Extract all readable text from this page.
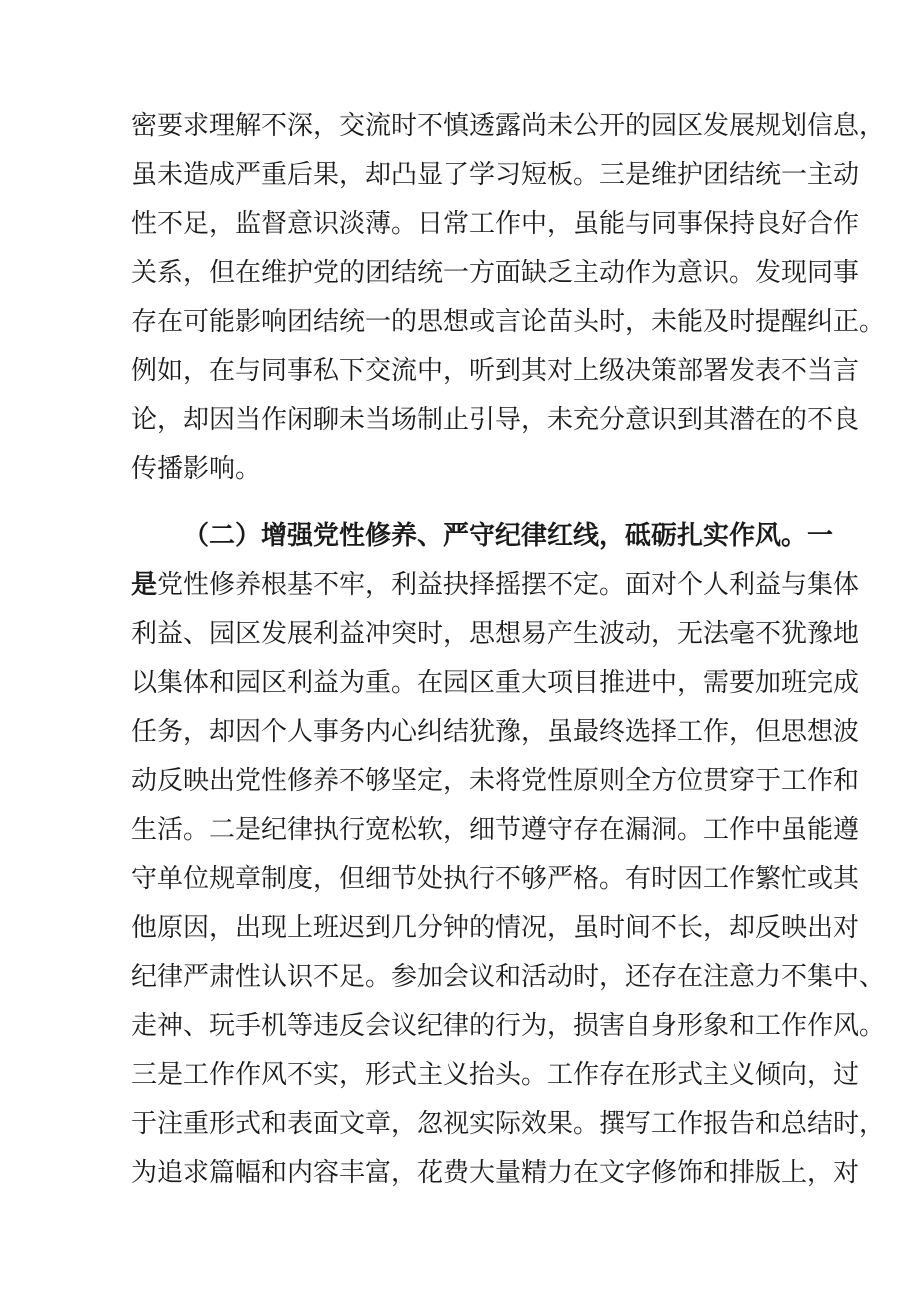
密要求理解不深，交流时不慎透露尚未公开的园区发展规划信息，
虽未造成严重后果，却凸显了学习短板。三是维护团结统一主动
性不足，监督意识淡薄。日常工作中，虽能与同事保持良好合作
关系，但在维护党的团结统一方面缺乏主动作为意识。发现同事
存在可能影响团结统一的思想或言论苗头时，未能及时提醒纠正。
例如，在与同事私下交流中，听到其对上级决策部署发表不当言
论，却因当作闲聊未当场制止引导，未充分意识到其潜在的不良
传播影响。
（二）增强党性修养、严守纪律红线，砥砺扎实作风。一
是党性修养根基不牢，利益抉择摇摆不定。面对个人利益与集体
利益、园区发展利益冲突时，思想易产生波动，无法毫不犹豫地
以集体和园区利益为重。在园区重大项目推进中，需要加班完成
任务，却因个人事务内心纠结犹豫，虽最终选择工作，但思想波
动反映出党性修养不够坚定，未将党性原则全方位贯穿于工作和
生活。二是纪律执行宽松软，细节遵守存在漏洞。工作中虽能遵
守单位规章制度，但细节处执行不够严格。有时因工作繁忙或其
他原因，出现上班迟到几分钟的情况，虽时间不长，却反映出对
纪律严肃性认识不足。参加会议和活动时，还存在注意力不集中、
走神、玩手机等违反会议纪律的行为，损害自身形象和工作作风。
三是工作作风不实，形式主义抬头。工作存在形式主义倾向，过
于注重形式和表面文章，忽视实际效果。撰写工作报告和总结时，
为追求篇幅和内容丰富，花费大量精力在文字修饰和排版上，对
